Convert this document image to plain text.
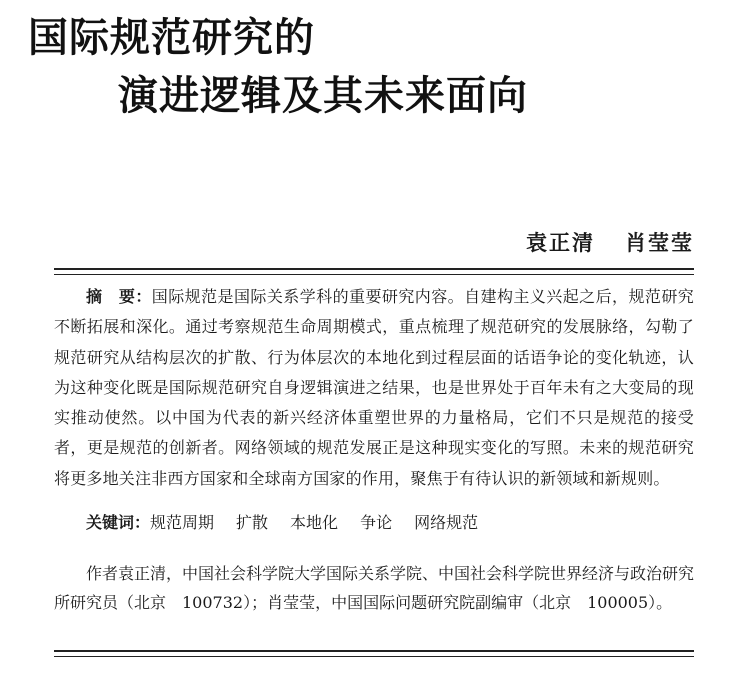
国际规范研究的
演进逻辑及其未来面向
袁正清 肖莹莹

摘　要：国际规范是国际关系学科的重要研究内容。自建构主义兴起之后，规范研究不断拓展和深化。通过考察规范生命周期模式，重点梳理了规范研究的发展脉络，勾勒了规范研究从结构层次的扩散、行为体层次的本地化到过程层面的话语争论的变化轨迹，认为这种变化既是国际规范研究自身逻辑演进之结果，也是世界处于百年未有之大变局的现实推动使然。以中国为代表的新兴经济体重塑世界的力量格局，它们不只是规范的接受者，更是规范的创新者。网络领域的规范发展正是这种现实变化的写照。未来的规范研究将更多地关注非西方国家和全球南方国家的作用，聚焦于有待认识的新领域和新规则。

关键词：规范周期 扩散 本地化 争论 网络规范

作者袁正清，中国社会科学院大学国际关系学院、中国社会科学院世界经济与政治研究所研究员（北京　100732）；肖莹莹，中国国际问题研究院副编审（北京　100005）。
